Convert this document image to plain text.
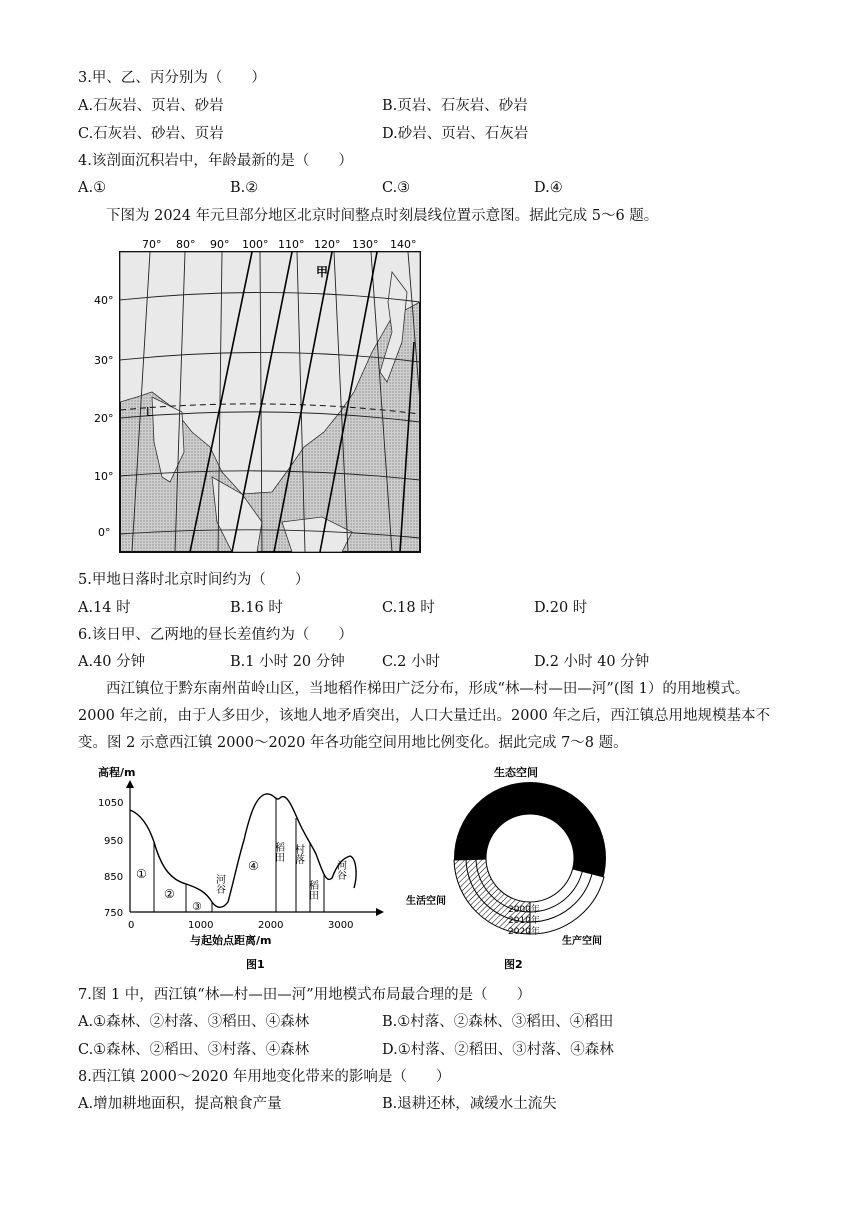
3.甲、乙、丙分别为（　　）
A.石灰岩、页岩、砂岩	B.页岩、石灰岩、砂岩
C.石灰岩、砂岩、页岩	D.砂岩、页岩、石灰岩
4.该剖面沉积岩中，年龄最新的是（　　）
A.①	B.②	C.③	D.④
下图为 2024 年元旦部分地区北京时间整点时刻晨线位置示意图。据此完成 5～6 题。
70° 80° 90° 100° 110° 120° 130° 140°
40°
30°
20°
10°
0°
甲
L
5.甲地日落时北京时间约为（　　）
A.14 时	B.16 时	C.18 时	D.20 时
6.该日甲、乙两地的昼长差值约为（　　）
A.40 分钟	B.1 小时 20 分钟	C.2 小时	D.2 小时 40 分钟
西江镇位于黔东南州苗岭山区，当地稻作梯田广泛分布，形成“林—村—田—河”(图 1）的用地模式。2000 年之前，由于人多田少，该地人地矛盾突出，人口大量迁出。2000 年之后，西江镇总用地规模基本不变。图 2 示意西江镇 2000～2020 年各功能空间用地比例变化。据此完成 7～8 题。
高程/m
1050
950
850
750
0	1000	2000	3000
①
②
③
④
稻田 村落
稻田
河谷
河谷
与起始点距离/m
图1
生态空间
2000年
2010年
2020年
生活空间
生产空间
图2
7.图 1 中，西江镇“林—村—田—河”用地模式布局最合理的是（　　）
A.①森林、②村落、③稻田、④森林	B.①村落、②森林、③稻田、④稻田
C.①森林、②稻田、③村落、④森林	D.①村落、②稻田、③村落、④森林
8.西江镇 2000～2020 年用地变化带来的影响是（　　）
A.增加耕地面积，提高粮食产量	B.退耕还林，减缓水土流失
